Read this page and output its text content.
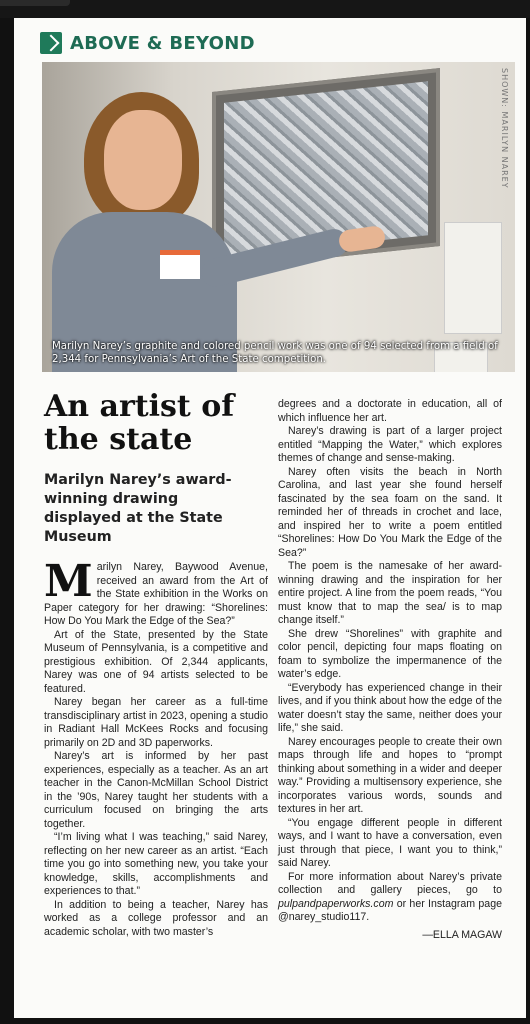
ABOVE & BEYOND
SHOWN: MARILYN NAREY
Marilyn Narey’s graphite and colored pencil work was one of 94 selected from a field of 2,344 for Pennsylvania’s Art of the State competition.
An artist of the state
Marilyn Narey’s award-winning drawing displayed at the State Museum

Marilyn Narey, Baywood Avenue, received an award from the Art of the State exhibition in the Works on Paper category for her drawing: “Shorelines: How Do You Mark the Edge of the Sea?”

Art of the State, presented by the State Museum of Pennsylvania, is a competitive and prestigious exhibition. Of 2,344 applicants, Narey was one of 94 artists selected to be featured.

Narey began her career as a full-time transdisciplinary artist in 2023, opening a studio in Radiant Hall McKees Rocks and focusing primarily on 2D and 3D paperworks.

Narey’s art is informed by her past experiences, especially as a teacher. As an art teacher in the Canon-McMillan School District in the ’90s, Narey taught her students with a curriculum focused on bringing the arts together.

“I’m living what I was teaching,” said Narey, reflecting on her new career as an artist. “Each time you go into something new, you take your knowledge, skills, accomplishments and experiences to that.”

In addition to being a teacher, Narey has worked as a college professor and an academic scholar, with two master’s

degrees and a doctorate in education, all of which influence her art.

Narey’s drawing is part of a larger project entitled “Mapping the Water,” which explores themes of change and sense-making.

Narey often visits the beach in North Carolina, and last year she found herself fascinated by the sea foam on the sand. It reminded her of threads in crochet and lace, and inspired her to write a poem entitled “Shorelines: How Do You Mark the Edge of the Sea?”

The poem is the namesake of her award-winning drawing and the inspiration for her entire project. A line from the poem reads, “You must know that to map the sea/ is to map change itself.”

She drew “Shorelines” with graphite and color pencil, depicting four maps floating on foam to symbolize the impermanence of the water’s edge.

“Everybody has experienced change in their lives, and if you think about how the edge of the water doesn’t stay the same, neither does your life,” she said.

Narey encourages people to create their own maps through life and hopes to “prompt thinking about something in a wider and deeper way.” Providing a multisensory experience, she incorporates various words, sounds and textures in her art.

“You engage different people in different ways, and I want to have a conversation, even just through that piece, I want you to think,” said Narey.

For more information about Narey’s private collection and gallery pieces, go to pulpandpaperworks.com or her Instagram page @narey_studio117.

—ELLA MAGAW
